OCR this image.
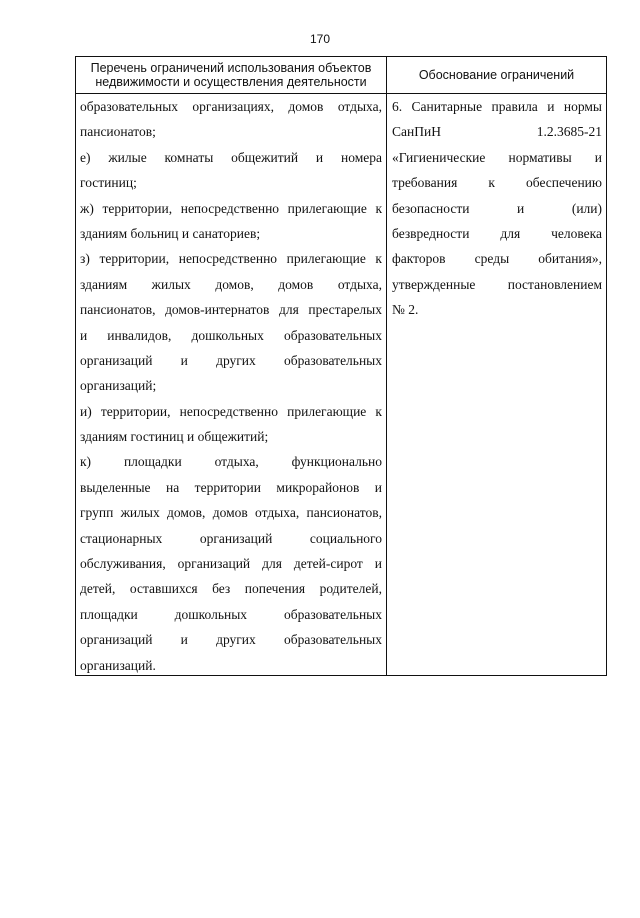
170
Перечень ограничений использования объектов
недвижимости и осуществления деятельности	Обоснование ограничений
образовательных организациях, домов отдыха,
пансионатов;
е) жилые комнаты общежитий и номера
гостиниц;
ж) территории, непосредственно прилегающие к
зданиям больниц и санаториев;
з) территории, непосредственно прилегающие к
зданиям жилых домов, домов отдыха,
пансионатов, домов-интернатов для престарелых
и инвалидов, дошкольных образовательных
организаций и других образовательных
организаций;
и) территории, непосредственно прилегающие к
зданиям гостиниц и общежитий;
к) площадки отдыха, функционально
выделенные на территории микрорайонов и
групп жилых домов, домов отдыха, пансионатов,
стационарных организаций социального
обслуживания, организаций для детей-сирот и
детей, оставшихся без попечения родителей,
площадки дошкольных образовательных
организаций и других образовательных
организаций.
6. Санитарные правила и нормы
СанПиН 1.2.3685-21
«Гигиенические нормативы и
требования к обеспечению
безопасности и (или)
безвредности для человека
факторов среды обитания»,
утвержденные постановлением
№ 2.
